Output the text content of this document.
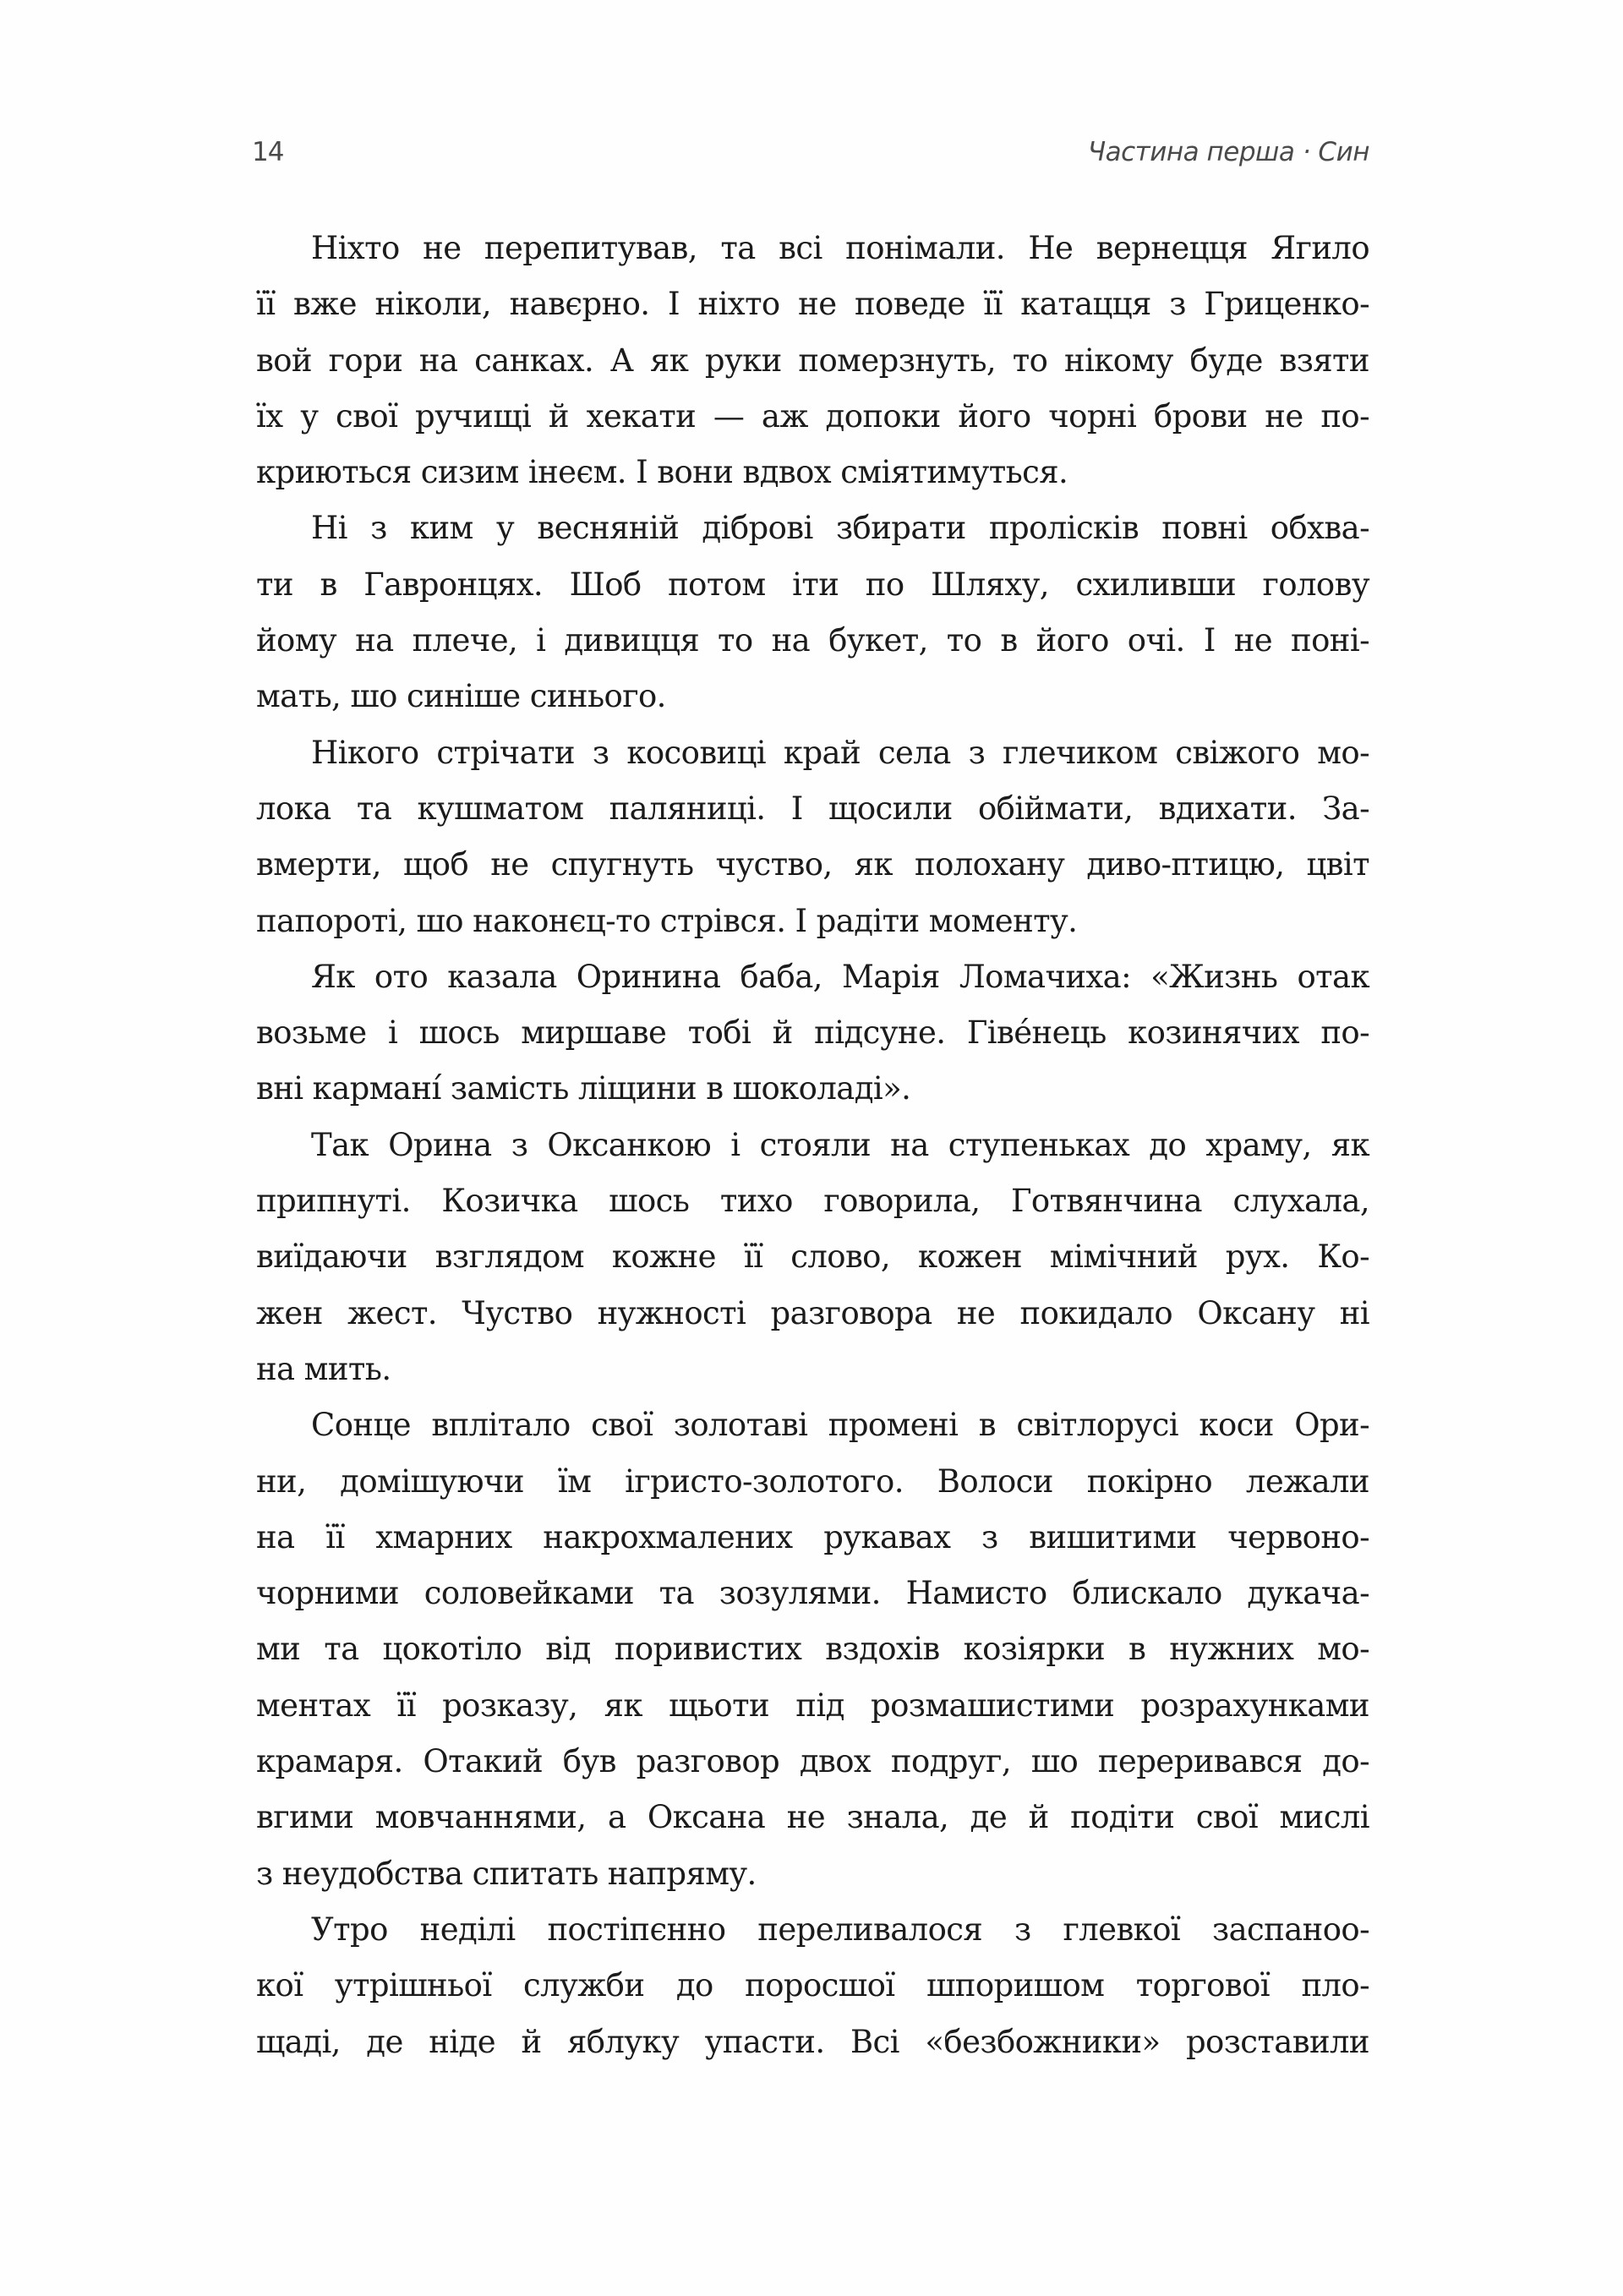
14	Частина перша · Син
Ніхто не перепитував, та всі понімали. Не вернецця Ягило
її вже ніколи, навєрно. І ніхто не поведе її катацця з Гриценко-
вой гори на санках. А як руки померзнуть, то нікому буде взяти
їх у свої ручищі й хекати — аж допоки його чорні брови не по-
криються сизим інеєм. І вони вдвох сміятимуться.
Ні з ким у весняній діброві збирати пролісків повні обхва-
ти в Гавронцях. Шоб потом іти по Шляху, схиливши голову
йому на плече, і дивицця то на букет, то в його очі. І не поні-
мать, шо синіше синього.
Нікого стрічати з косовиці край села з глечиком свіжого мо-
лока та кушматом паляниці. І щосили обіймати, вдихати. За-
вмерти, щоб не спугнуть чуство, як полохану диво-птицю, цвіт
папороті, шо наконєц-то стрівся. І радіти моменту.
Як ото казала Оринина баба, Марія Ломачиха: «Жизнь отак
возьме і шось миршаве тобі й підсуне. Гівéнець козинячих по-
вні карманí замість ліщини в шоколаді».
Так Орина з Оксанкою і стояли на ступеньках до храму, як
припнуті. Козичка шось тихо говорила, Готвянчина слухала,
виїдаючи взглядом кожне її слово, кожен мімічний рух. Ко-
жен жест. Чуство нужності разговора не покидало Оксану ні
на мить.
Сонце вплітало свої золотаві промені в світлорусі коси Ори-
ни, домішуючи їм ігристо-золотого. Волоси покірно лежали
на її хмарних накрохмалених рукавах з вишитими червоно-
чорними соловейками та зозулями. Намисто блискало дукача-
ми та цокотіло від поривистих вздохів козіярки в нужних мо-
ментах її розказу, як щьоти під розмашистими розрахунками
крамаря. Отакий був разговор двох подруг, шо переривався до-
вгими мовчаннями, а Оксана не знала, де й подіти свої мислі
з неудобства спитать напряму.
Утро неділі постіпєнно переливалося з глевкої заспанoo-
кої утрішньої служби до поросшої шпоришом торгової пло-
щаді, де ніде й яблуку упасти. Всі «безбожники» розставили
